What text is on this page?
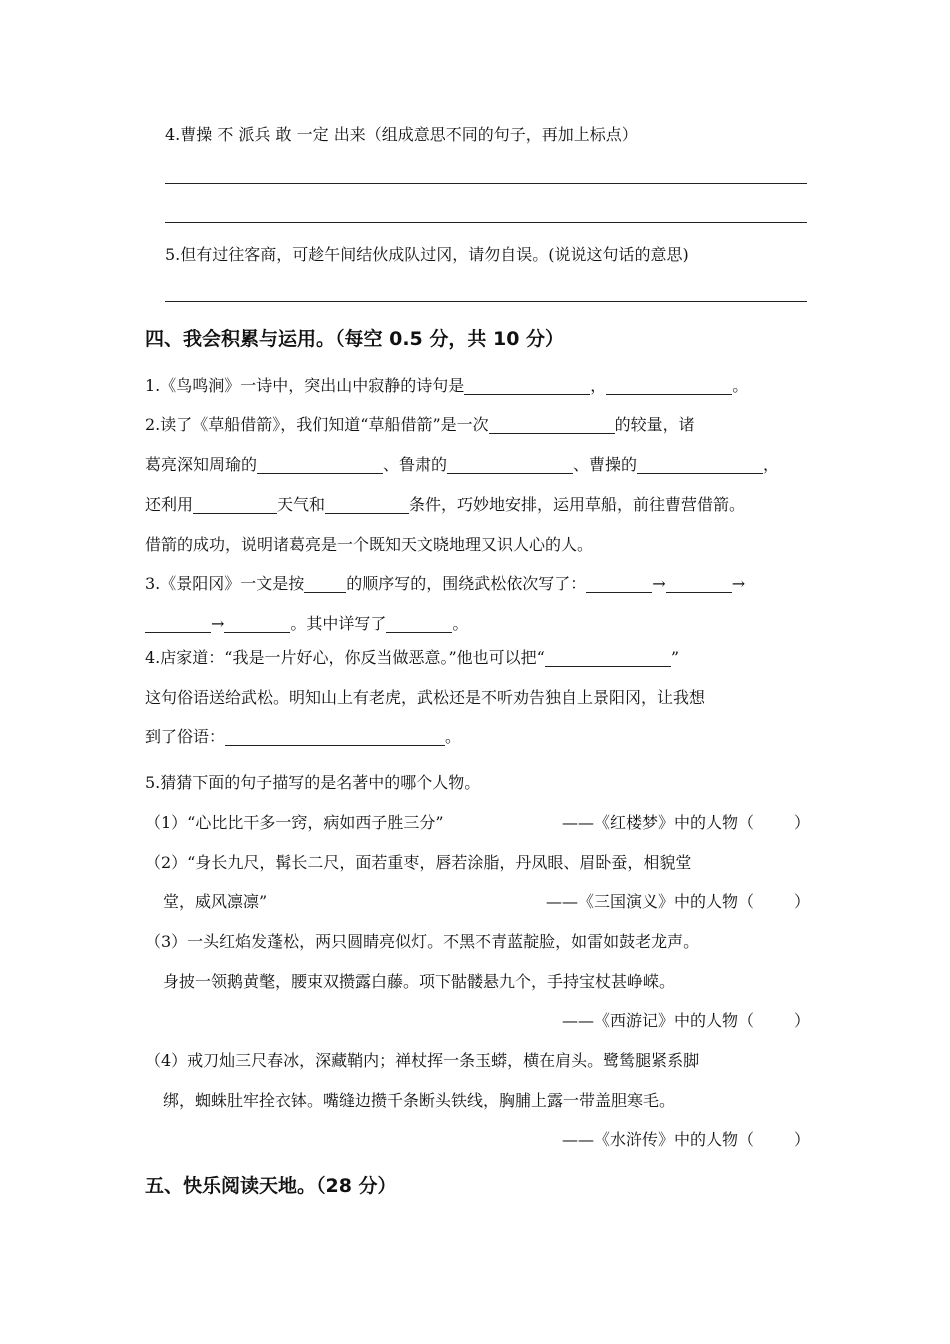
4.曹操 不 派兵 敢 一定 出来（组成意思不同的句子，再加上标点）
5.但有过往客商，可趁午间结伙成队过冈，请勿自误。(说说这句话的意思)
四、我会积累与运用。（每空 0.5 分，共 10 分）
1.《鸟鸣涧》一诗中，突出山中寂静的诗句是	，	。
2.读了《草船借箭》，我们知道“草船借箭”是一次	的较量，诸
葛亮深知周瑜的	、鲁肃的	、曹操的	，
还利用	天气和	条件，巧妙地安排，运用草船，前往曹营借箭。
借箭的成功，说明诸葛亮是一个既知天文晓地理又识人心的人。
3.《景阳冈》一文是按	的顺序写的，围绕武松依次写了：	→	→
→	。其中详写了	。
4.店家道：“我是一片好心，你反当做恶意。”他也可以把“	”
这句俗语送给武松。明知山上有老虎，武松还是不听劝告独自上景阳冈，让我想
到了俗语：	。
5.猜猜下面的句子描写的是名著中的哪个人物。
（1）“心比比干多一窍，病如西子胜三分”	——《红楼梦》中的人物（	）
（2）“身长九尺，髯长二尺，面若重枣，唇若涂脂，丹凤眼、眉卧蚕，相貌堂
堂，威风凛凛”	——《三国演义》中的人物（	）
（3）一头红焰发蓬松，两只圆睛亮似灯。不黑不青蓝靛脸，如雷如鼓老龙声。
身披一领鹅黄氅，腰束双攒露白藤。项下骷髅悬九个，手持宝杖甚峥嵘。
——《西游记》中的人物（	）
（4）戒刀灿三尺春冰，深藏鞘内；禅杖挥一条玉蟒，横在肩头。鹭鸶腿紧系脚
绑，蜘蛛肚牢拴衣钵。嘴缝边攒千条断头铁线，胸脯上露一带盖胆寒毛。
——《水浒传》中的人物（	）
五、快乐阅读天地。（28 分）
